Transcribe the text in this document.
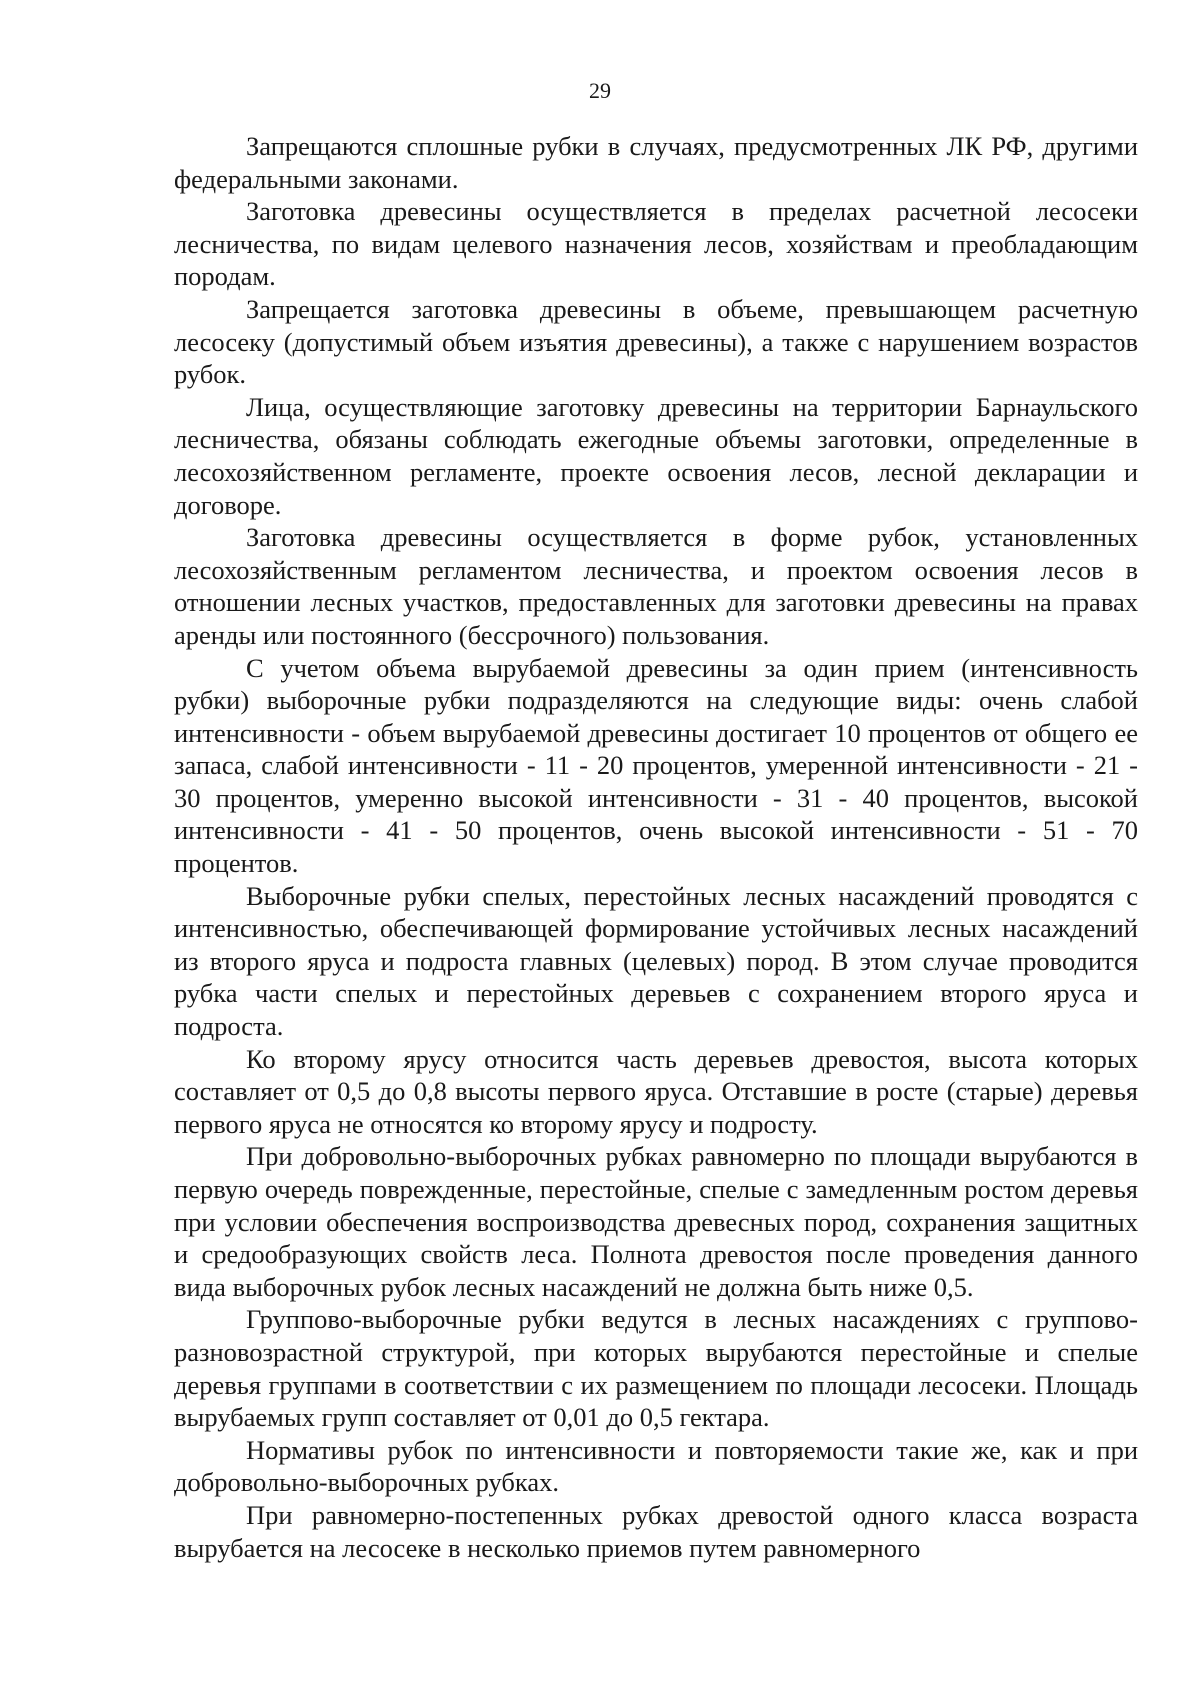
29

Запрещаются сплошные рубки в случаях, предусмотренных ЛК РФ, другими федеральными законами.

Заготовка древесины осуществляется в пределах расчетной лесосеки лесничества, по видам целевого назначения лесов, хозяйствам и преобладающим породам.

Запрещается заготовка древесины в объеме, превышающем расчетную лесосеку (допустимый объем изъятия древесины), а также с нарушением возрастов рубок.

Лица, осуществляющие заготовку древесины на территории Барнаульского лесничества, обязаны соблюдать ежегодные объемы заготовки, определенные в лесохозяйственном регламенте, проекте освоения лесов, лесной декларации и договоре.

Заготовка древесины осуществляется в форме рубок, установленных лесохозяйственным регламентом лесничества, и проектом освоения лесов в отношении лесных участков, предоставленных для заготовки древесины на правах аренды или постоянного (бессрочного) пользования.

С учетом объема вырубаемой древесины за один прием (интенсивность рубки) выборочные рубки подразделяются на следующие виды: очень слабой интенсивности - объем вырубаемой древесины достигает 10 процентов от общего ее запаса, слабой интенсивности - 11 - 20 процентов, умеренной интенсивности - 21 - 30 процентов, умеренно высокой интенсивности - 31 - 40 процентов, высокой интенсивности - 41 - 50 процентов, очень высокой интенсивности - 51 - 70 процентов.

Выборочные рубки спелых, перестойных лесных насаждений проводятся с интенсивностью, обеспечивающей формирование устойчивых лесных насаждений из второго яруса и подроста главных (целевых) пород. В этом случае проводится рубка части спелых и перестойных деревьев с сохранением второго яруса и подроста.

Ко второму ярусу относится часть деревьев древостоя, высота которых составляет от 0,5 до 0,8 высоты первого яруса. Отставшие в росте (старые) деревья первого яруса не относятся ко второму ярусу и подросту.

При добровольно-выборочных рубках равномерно по площади вырубаются в первую очередь поврежденные, перестойные, спелые с замедленным ростом деревья при условии обеспечения воспроизводства древесных пород, сохранения защитных и средообразующих свойств леса. Полнота древостоя после проведения данного вида выборочных рубок лесных насаждений не должна быть ниже 0,5.

Группово-выборочные рубки ведутся в лесных насаждениях с группово-разновозрастной структурой, при которых вырубаются перестойные и спелые деревья группами в соответствии с их размещением по площади лесосеки. Площадь вырубаемых групп составляет от 0,01 до 0,5 гектара.

Нормативы рубок по интенсивности и повторяемости такие же, как и при добровольно-выборочных рубках.

При равномерно-постепенных рубках древостой одного класса возраста вырубается на лесосеке в несколько приемов путем равномерного
